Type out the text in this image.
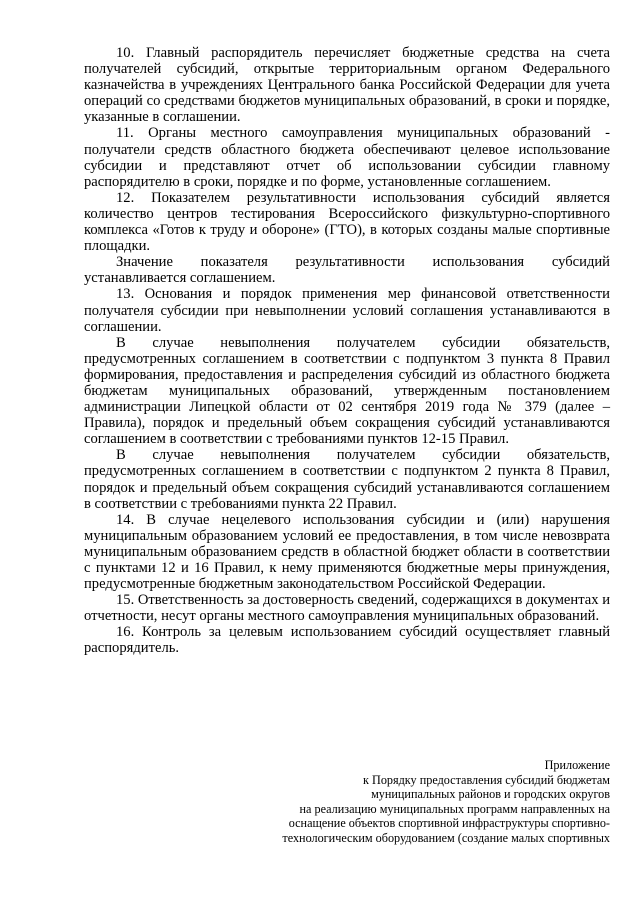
10. Главный распорядитель перечисляет бюджетные средства на счета получателей субсидий, открытые территориальным органом Федерального казначейства в учреждениях Центрального банка Российской Федерации для учета операций со средствами бюджетов муниципальных образований, в сроки и порядке, указанные в соглашении.

11. Органы местного самоуправления муниципальных образований - получатели средств областного бюджета обеспечивают целевое использование субсидии и представляют отчет об использовании субсидии главному распорядителю в сроки, порядке и по форме, установленные соглашением.

12. Показателем результативности использования субсидий является количество центров тестирования Всероссийского физкультурно-спортивного комплекса «Готов к труду и обороне» (ГТО), в которых созданы малые спортивные площадки.

Значение показателя результативности использования субсидий устанавливается соглашением.

13. Основания и порядок применения мер финансовой ответственности получателя субсидии при невыполнении условий соглашения устанавливаются в соглашении.

В случае невыполнения получателем субсидии обязательств, предусмотренных соглашением в соответствии с подпунктом 3 пункта 8 Правил формирования, предоставления и распределения субсидий из областного бюджета бюджетам муниципальных образований, утвержденным постановлением администрации Липецкой области от 02 сентября 2019 года № 379 (далее – Правила), порядок и предельный объем сокращения субсидий устанавливаются соглашением в соответствии с требованиями пунктов 12-15 Правил.

В случае невыполнения получателем субсидии обязательств, предусмотренных соглашением в соответствии с подпунктом 2 пункта 8 Правил, порядок и предельный объем сокращения субсидий устанавливаются соглашением в соответствии с требованиями пункта 22 Правил.

14. В случае нецелевого использования субсидии и (или) нарушения муниципальным образованием условий ее предоставления, в том числе невозврата муниципальным образованием средств в областной бюджет области в соответствии с пунктами 12 и 16 Правил, к нему применяются бюджетные меры принуждения, предусмотренные бюджетным законодательством Российской Федерации.

15. Ответственность за достоверность сведений, содержащихся в документах и отчетности, несут органы местного самоуправления муниципальных образований.

16. Контроль за целевым использованием субсидий осуществляет главный распорядитель.

Приложение
к Порядку предоставления субсидий бюджетам
муниципальных районов и городских округов
на реализацию муниципальных программ направленных на
оснащение объектов спортивной инфраструктуры спортивно-
технологическим оборудованием (создание малых спортивных
